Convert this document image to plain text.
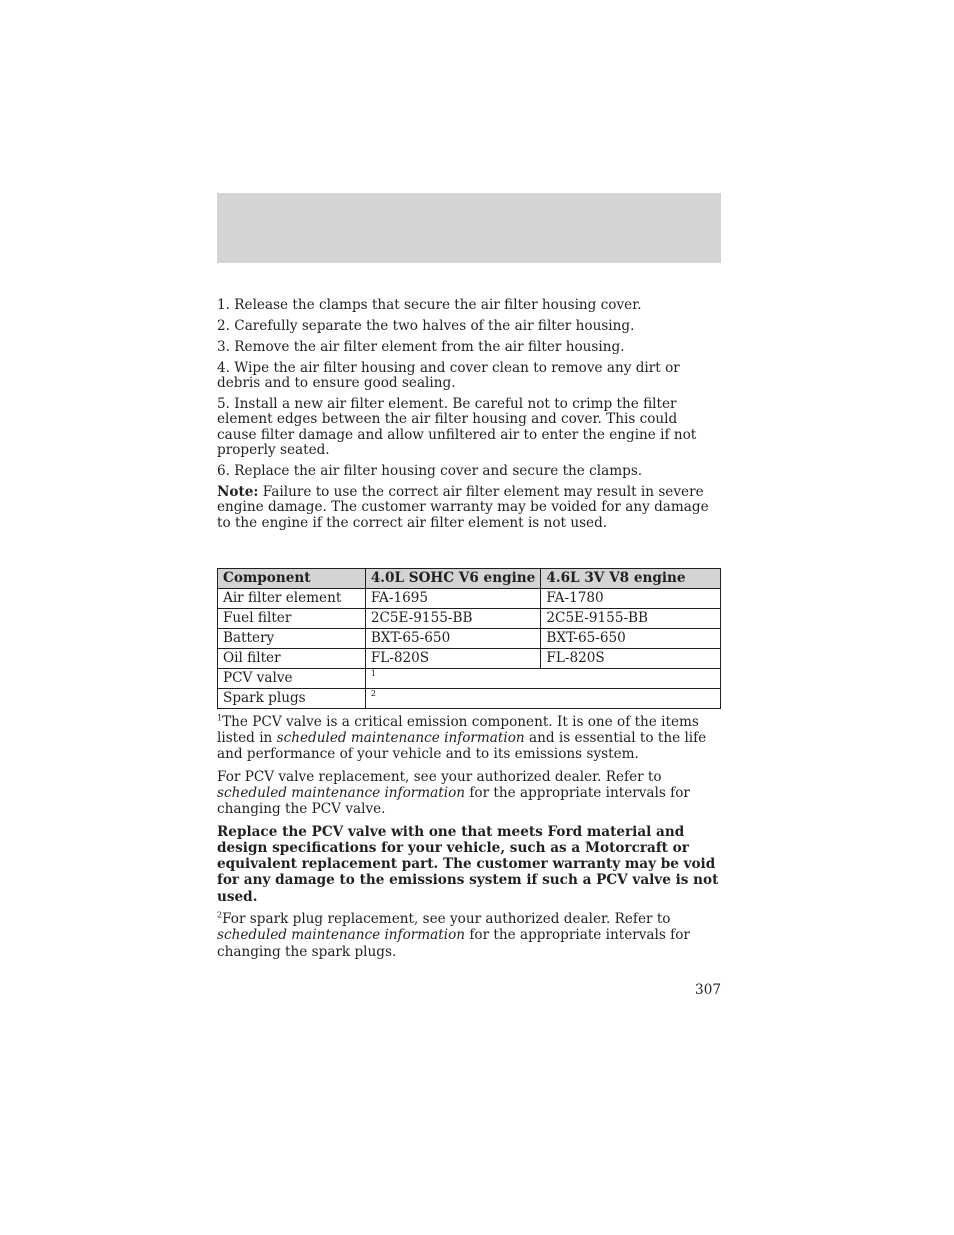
1. Release the clamps that secure the air filter housing cover.

2. Carefully separate the two halves of the air filter housing.

3. Remove the air filter element from the air filter housing.

4. Wipe the air filter housing and cover clean to remove any dirt or debris and to ensure good sealing.

5. Install a new air filter element. Be careful not to crimp the filter element edges between the air filter housing and cover. This could cause filter damage and allow unfiltered air to enter the engine if not properly seated.

6. Replace the air filter housing cover and secure the clamps.

Note: Failure to use the correct air filter element may result in severe engine damage. The customer warranty may be voided for any damage to the engine if the correct air filter element is not used.

Component	4.0L SOHC V6 engine	4.6L 3V V8 engine
Air filter element	FA-1695	FA-1780
Fuel filter	2C5E-9155-BB	2C5E-9155-BB
Battery	BXT-65-650	BXT-65-650
Oil filter	FL-820S	FL-820S
PCV valve	1	
Spark plugs	2	

$^1$The PCV valve is a critical emission component. It is one of the items listed in scheduled maintenance information and is essential to the life and performance of your vehicle and to its emissions system.

For PCV valve replacement, see your authorized dealer. Refer to scheduled maintenance information for the appropriate intervals for changing the PCV valve.

Replace the PCV valve with one that meets Ford material and design specifications for your vehicle, such as a Motorcraft or equivalent replacement part. The customer warranty may be void for any damage to the emissions system if such a PCV valve is not used.

$^2$For spark plug replacement, see your authorized dealer. Refer to scheduled maintenance information for the appropriate intervals for changing the spark plugs.

307
